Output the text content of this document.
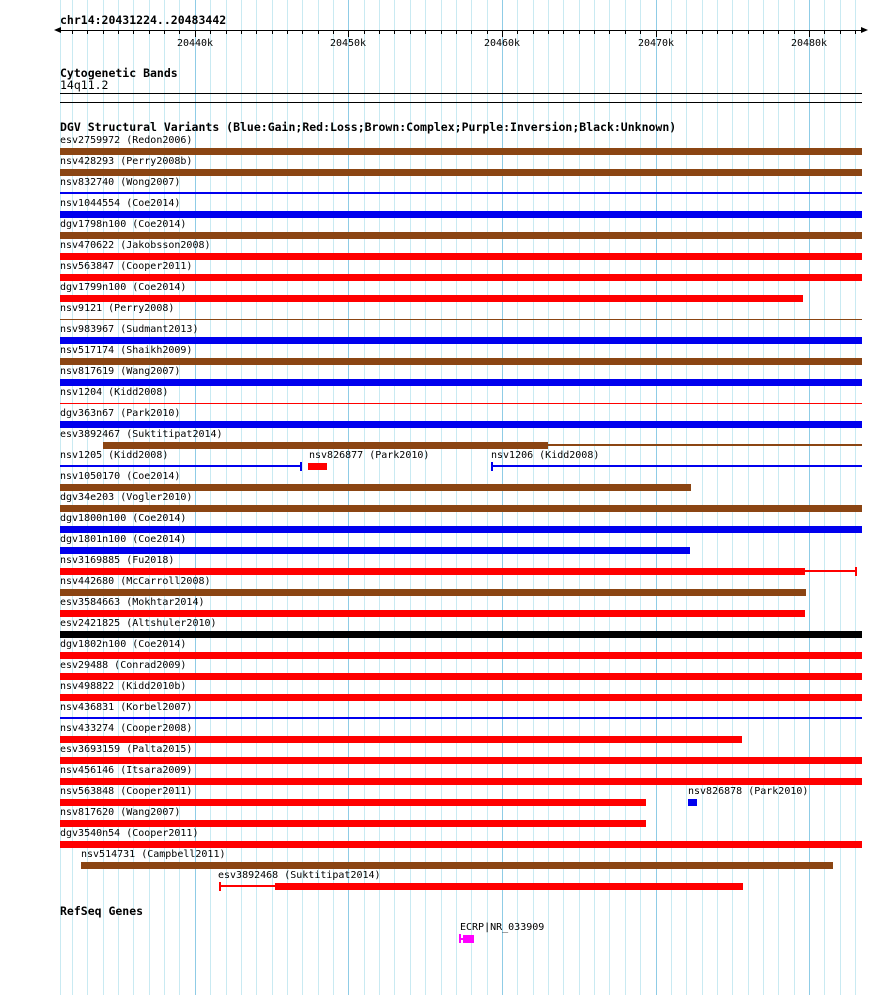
chr14:20431224..20483442
20440k	20450k	20460k	20470k	20480k
Cytogenetic Bands
14q11.2
DGV Structural Variants (Blue:Gain;Red:Loss;Brown:Complex;Purple:Inversion;Black:Unknown)
esv2759972 (Redon2006)
nsv428293 (Perry2008b)
nsv832740 (Wong2007)
nsv1044554 (Coe2014)
dgv1798n100 (Coe2014)
nsv470622 (Jakobsson2008)
nsv563847 (Cooper2011)
dgv1799n100 (Coe2014)
nsv9121 (Perry2008)
nsv983967 (Sudmant2013)
nsv517174 (Shaikh2009)
nsv817619 (Wang2007)
nsv1204 (Kidd2008)
dgv363n67 (Park2010)
esv3892467 (Suktitipat2014)
nsv1205 (Kidd2008)	nsv826877 (Park2010)	nsv1206 (Kidd2008)
nsv1050170 (Coe2014)
dgv34e203 (Vogler2010)
dgv1800n100 (Coe2014)
dgv1801n100 (Coe2014)
nsv3169885 (Fu2018)
nsv442680 (McCarroll2008)
esv3584663 (Mokhtar2014)
esv2421825 (Altshuler2010)
dgv1802n100 (Coe2014)
esv29488 (Conrad2009)
nsv498822 (Kidd2010b)
nsv436831 (Korbel2007)
nsv433274 (Cooper2008)
esv3693159 (Palta2015)
nsv456146 (Itsara2009)
nsv563848 (Cooper2011)	nsv826878 (Park2010)
nsv817620 (Wang2007)
dgv3540n54 (Cooper2011)
nsv514731 (Campbell2011)
esv3892468 (Suktitipat2014)
RefSeq Genes
ECRP|NR_033909
